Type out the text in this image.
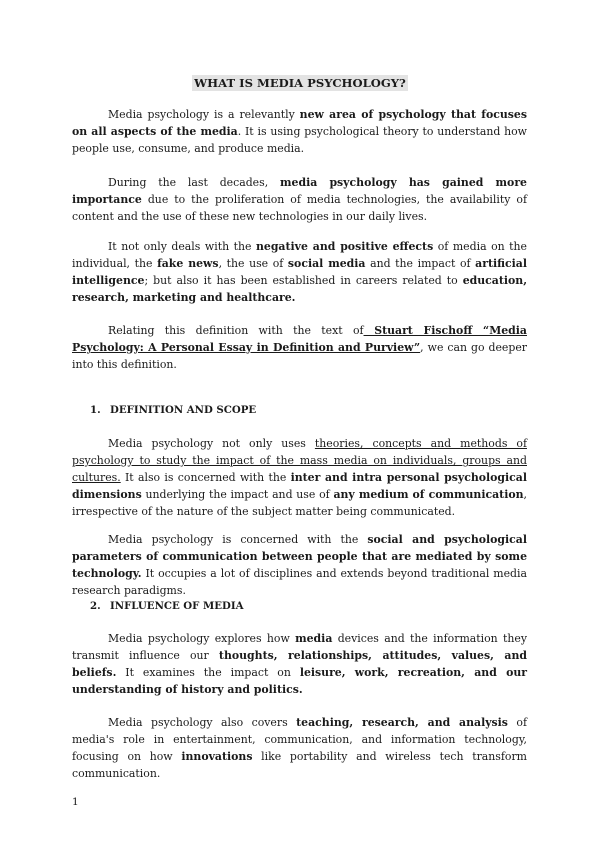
WHAT IS MEDIA PSYCHOLOGY?

Media psychology is a relevantly new area of psychology that focuses on all aspects of the media. It is using psychological theory to understand how people use, consume, and produce media.

During the last decades, media psychology has gained more importance due to the proliferation of media technologies, the availability of content and the use of these new technologies in our daily lives.

It not only deals with the negative and positive effects of media on the individual, the fake news, the use of social media and the impact of artificial intelligence; but also it has been established in careers related to education, research, marketing and healthcare.

Relating this definition with the text of Stuart Fischoff “Media Psychology: A Personal Essay in Definition and Purview”, we can go deeper into this definition.

1. DEFINITION AND SCOPE

Media psychology not only uses theories, concepts and methods of psychology to study the impact of the mass media on individuals, groups and cultures. It also is concerned with the inter and intra personal psychological dimensions underlying the impact and use of any medium of communication, irrespective of the nature of the subject matter being communicated.

Media psychology is concerned with the social and psychological parameters of communication between people that are mediated by some technology. It occupies a lot of disciplines and extends beyond traditional media research paradigms.

2. INFLUENCE OF MEDIA

Media psychology explores how media devices and the information they transmit influence our thoughts, relationships, attitudes, values, and beliefs. It examines the impact on leisure, work, recreation, and our understanding of history and politics.

Media psychology also covers teaching, research, and analysis of media's role in entertainment, communication, and information technology, focusing on how innovations like portability and wireless tech transform communication.

1
